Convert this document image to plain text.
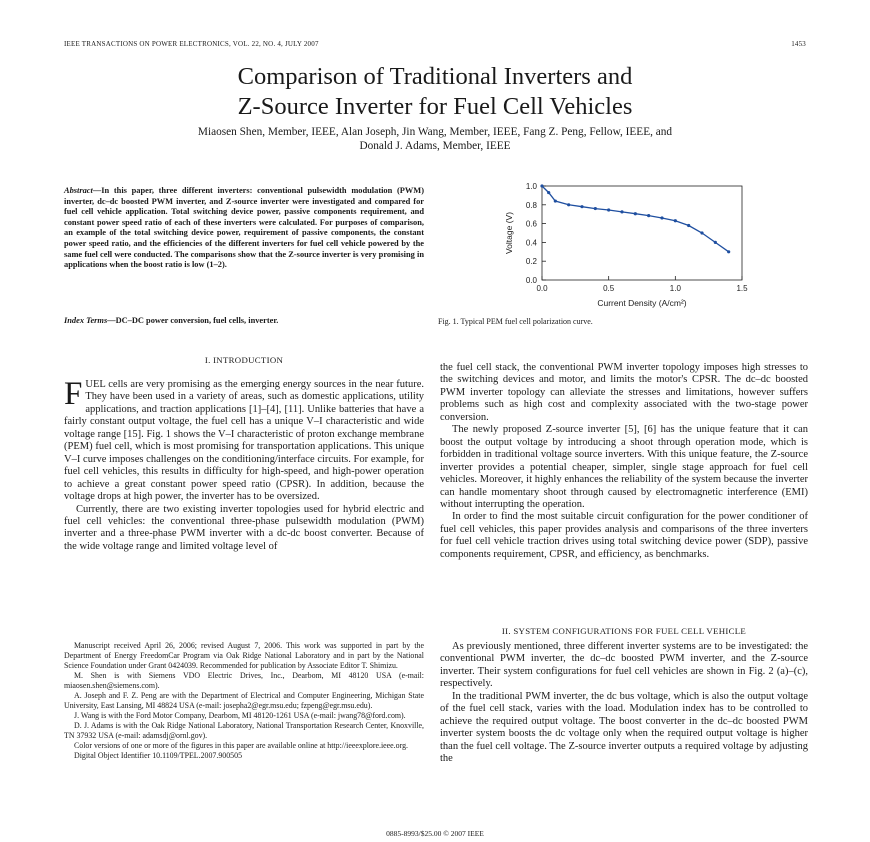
IEEE TRANSACTIONS ON POWER ELECTRONICS, VOL. 22, NO. 4, JULY 2007	1453
Comparison of Traditional Inverters and
Z-Source Inverter for Fuel Cell Vehicles
Miaosen Shen, Member, IEEE, Alan Joseph, Jin Wang, Member, IEEE, Fang Z. Peng, Fellow, IEEE, and
Donald J. Adams, Member, IEEE
Abstract—In this paper, three different inverters: conventional pulsewidth modulation (PWM) inverter, dc–dc boosted PWM inverter, and Z-source inverter were investigated and compared for fuel cell vehicle application. Total switching device power, passive components requirement, and constant power speed ratio of each of these inverters were calculated. For purposes of comparison, an example of the total switching device power, requirement of passive components, the constant power speed ratio, and the efficiencies of the different inverters for fuel cell vehicle powered by the same fuel cell were conducted. The comparisons show that the Z-source inverter is very promising in applications when the boost ratio is low (1–2).
Index Terms—DC–DC power conversion, fuel cells, inverter.
0.0
0.2
0.4
0.6
0.8
1.0
0.0	0.5	1.0	1.5
Current Density (A/cm²)
Voltage (V)
Fig. 1. Typical PEM fuel cell polarization curve.
I. INTRODUCTION

FUEL cells are very promising as the emerging energy sources in the near future. They have been used in a variety of areas, such as domestic applications, utility applications, and traction applications [1]–[4], [11]. Unlike batteries that have a fairly constant output voltage, the fuel cell has a unique V–I characteristic and wide voltage range [15]. Fig. 1 shows the V–I characteristic of proton exchange membrane (PEM) fuel cell, which is most promising for transportation applications. This unique V–I curve imposes challenges on the conditioning/interface circuits. For example, for fuel cell vehicles, this results in difficulty for high-speed, and high-power operation to achieve a great constant power speed ratio (CPSR). In addition, because the voltage drops at high power, the inverter has to be oversized.

Currently, there are two existing inverter topologies used for hybrid electric and fuel cell vehicles: the conventional three-phase pulsewidth modulation (PWM) inverter and a three-phase PWM inverter with a dc-dc boost converter. Because of the wide voltage range and limited voltage level of

Manuscript received April 26, 2006; revised August 7, 2006. This work was supported in part by the Department of Energy FreedomCar Program via Oak Ridge National Laboratory and in part by the National Science Foundation under Grant 0424039. Recommended for publication by Associate Editor T. Shimizu.

M. Shen is with Siemens VDO Electric Drives, Inc., Dearbom, MI 48120 USA (e-mail: miaosen.shen@siemens.com).

A. Joseph and F. Z. Peng are with the Department of Electrical and Computer Engineering, Michigan State University, East Lansing, MI 48824 USA (e-mail: josepha2@egr.msu.edu; fzpeng@egr.msu.edu).

J. Wang is with the Ford Motor Company, Dearbom, MI 48120-1261 USA (e-mail: jwang78@ford.com).

D. J. Adams is with the Oak Ridge National Laboratory, National Transportation Research Center, Knoxville, TN 37932 USA (e-mail: adamsdj@ornl.gov).

Color versions of one or more of the figures in this paper are available online at http://ieeexplore.ieee.org.

Digital Object Identifier 10.1109/TPEL.2007.900505

the fuel cell stack, the conventional PWM inverter topology imposes high stresses to the switching devices and motor, and limits the motor's CPSR. The dc–dc boosted PWM inverter topology can alleviate the stresses and limitations, however suffers problems such as high cost and complexity associated with the two-stage power conversion.

The newly proposed Z-source inverter [5], [6] has the unique feature that it can boost the output voltage by introducing a shoot through operation mode, which is forbidden in traditional voltage source inverters. With this unique feature, the Z-source inverter provides a potential cheaper, simpler, single stage approach for fuel cell vehicles. Moreover, it highly enhances the reliability of the system because the inverter can handle momentary shoot through caused by electromagnetic interference (EMI) without interrupting the operation.

In order to find the most suitable circuit configuration for the power conditioner of fuel cell vehicles, this paper provides analysis and comparisons of the three inverters for fuel cell vehicle traction drives using total switching device power (SDP), passive components requirement, CPSR, and efficiency, as benchmarks.

II. SYSTEM CONFIGURATIONS FOR FUEL CELL VEHICLE

As previously mentioned, three different inverter systems are to be investigated: the conventional PWM inverter, the dc–dc boosted PWM inverter, and the Z-source inverter. Their system configurations for fuel cell vehicles are shown in Fig. 2 (a)–(c), respectively.

In the traditional PWM inverter, the dc bus voltage, which is also the output voltage of the fuel cell stack, varies with the load. Modulation index has to be controlled to achieve the required output voltage. The boost converter in the dc–dc boosted PWM inverter system boosts the dc voltage only when the required output voltage is higher than the fuel cell voltage. The Z-source inverter outputs a required voltage by adjusting the

0885-8993/$25.00 © 2007 IEEE
